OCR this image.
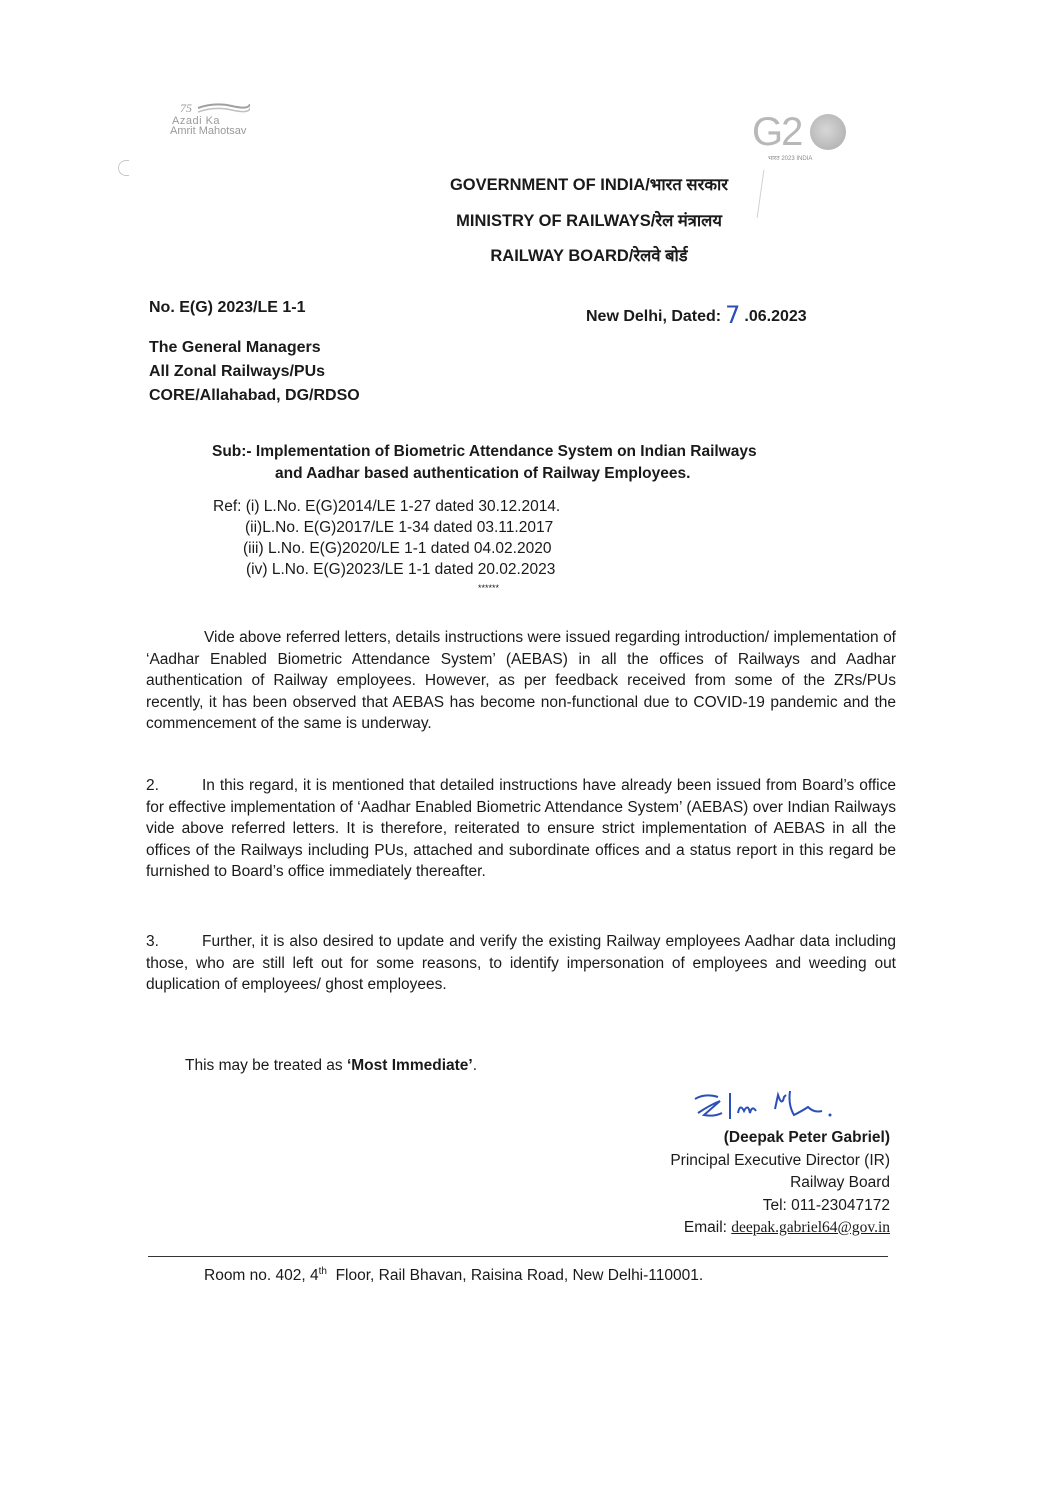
75
Azadi Ka
Amrit Mahotsav	G2
भारत 2023 INDIA
GOVERNMENT OF INDIA/भारत सरकार
MINISTRY OF RAILWAYS/रेल मंत्रालय
RAILWAY BOARD/रेलवे बोर्ड
No. E(G) 2023/LE 1-1
New Delhi, Dated: 7 .06.2023
The General Managers
All Zonal Railways/PUs
CORE/Allahabad, DG/RDSO
Sub:- Implementation of Biometric Attendance System on Indian Railways
and Aadhar based authentication of Railway Employees.
Ref: (i) L.No. E(G)2014/LE 1-27 dated 30.12.2014.
(ii)L.No. E(G)2017/LE 1-34 dated 03.11.2017
(iii) L.No. E(G)2020/LE 1-1 dated 04.02.2020
(iv) L.No. E(G)2023/LE 1-1 dated 20.02.2023
******
Vide above referred letters, details instructions were issued regarding introduction/ implementation of ‘Aadhar Enabled Biometric Attendance System’ (AEBAS) in all the offices of Railways and Aadhar authentication of Railway employees. However, as per feedback received from some of the ZRs/PUs recently, it has been observed that AEBAS has become non-functional due to COVID-19 pandemic and the commencement of the same is underway.
2.	In this regard, it is mentioned that detailed instructions have already been issued from Board’s office for effective implementation of ‘Aadhar Enabled Biometric Attendance System’ (AEBAS) over Indian Railways vide above referred letters. It is therefore, reiterated to ensure strict implementation of AEBAS in all the offices of the Railways including PUs, attached and subordinate offices and a status report in this regard be furnished to Board’s office immediately thereafter.
3.	Further, it is also desired to update and verify the existing Railway employees Aadhar data including those, who are still left out for some reasons, to identify impersonation of employees and weeding out duplication of employees/ ghost employees.
This may be treated as ‘Most Immediate’.
(Deepak Peter Gabriel)
Principal Executive Director (IR)
Railway Board
Tel: 011-23047172
Email: deepak.gabriel64@gov.in
Room no. 402, 4th  Floor, Rail Bhavan, Raisina Road, New Delhi-110001.
